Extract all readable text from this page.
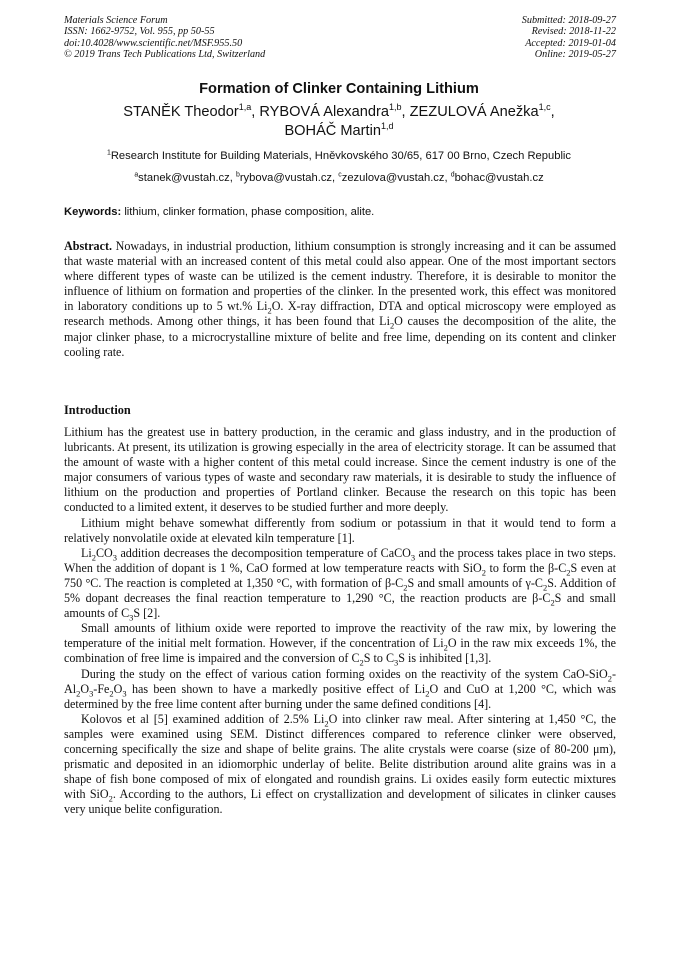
Materials Science Forum
ISSN: 1662-9752, Vol. 955, pp 50-55
doi:10.4028/www.scientific.net/MSF.955.50
© 2019 Trans Tech Publications Ltd, Switzerland
Submitted: 2018-09-27
Revised: 2018-11-22
Accepted: 2019-01-04
Online: 2019-05-27
Formation of Clinker Containing Lithium
STANĚK Theodor$^{1,a}$, RYBOVÁ Alexandra$^{1,b}$, ZEZULOVÁ Anežka$^{1,c}$,
BOHÁČ Martin$^{1,d}$
$^1$Research Institute for Building Materials, Hněvkovského 30/65, 617 00 Brno, Czech Republic
$^a$stanek@vustah.cz, $^b$rybova@vustah.cz, $^c$zezulova@vustah.cz, $^d$bohac@vustah.cz
Keywords: lithium, clinker formation, phase composition, alite.

Abstract. Nowadays, in industrial production, lithium consumption is strongly increasing and it can be assumed that waste material with an increased content of this metal could also appear. One of the most important sectors where different types of waste can be utilized is the cement industry. Therefore, it is desirable to monitor the influence of lithium on formation and properties of the clinker. In the presented work, this effect was monitored in laboratory conditions up to 5 wt.% $Li_2O$. X-ray diffraction, DTA and optical microscopy were employed as research methods. Among other things, it has been found that $Li_2O$ causes the decomposition of the alite, the major clinker phase, to a microcrystalline mixture of belite and free lime, depending on its content and clinker cooling rate.

Introduction

Lithium has the greatest use in battery production, in the ceramic and glass industry, and in the production of lubricants. At present, its utilization is growing especially in the area of electricity storage. It can be assumed that the amount of waste with a higher content of this metal could increase. Since the cement industry is one of the major consumers of various types of waste and secondary raw materials, it is desirable to study the influence of lithium on the production and properties of Portland clinker. Because the research on this topic has been conducted to a limited extent, it deserves to be studied further and more deeply.

Lithium might behave somewhat differently from sodium or potassium in that it would tend to form a relatively nonvolatile oxide at elevated kiln temperature [1].

$Li_2CO_3$ addition decreases the decomposition temperature of CaCO$_3$ and the process takes place in two steps. When the addition of dopant is 1 %, CaO formed at low temperature reacts with SiO$_2$ to form the $\beta-C_2S$ even at 750 °C. The reaction is completed at 1,350 °C, with formation of $\beta-C_2S$ and small amounts of $\gamma-C_2S$. Addition of 5% dopant decreases the final reaction temperature to 1,290 °C, the reaction products are $\beta-C_2S$ and small amounts of $C_3S$ [2].

Small amounts of lithium oxide were reported to improve the reactivity of the raw mix, by lowering the temperature of the initial melt formation. However, if the concentration of $Li_2O$ in the raw mix exceeds 1%, the combination of free lime is impaired and the conversion of $C_2S$ to $C_3S$ is inhibited [1,3].

During the study on the effect of various cation forming oxides on the reactivity of the system CaO-$SiO_2-Al_2O_3-Fe_2O_3$ has been shown to have a markedly positive effect of $Li_2O$ and CuO at 1,200 °C, which was determined by the free lime content after burning under the same defined conditions [4].

Kolovos et al [5] examined addition of 2.5% $Li_2O$ into clinker raw meal. After sintering at 1,450 °C, the samples were examined using SEM. Distinct differences compared to reference clinker were observed, concerning specifically the size and shape of belite grains. The alite crystals were coarse (size of 80-200 μm), prismatic and deposited in an idiomorphic underlay of belite. Belite distribution around alite grains was in a shape of fish bone composed of mix of elongated and roundish grains. Li oxides easily form eutectic mixtures with SiO$_2$. According to the authors, Li effect on crystallization and development of silicates in clinker causes very unique belite configuration.
